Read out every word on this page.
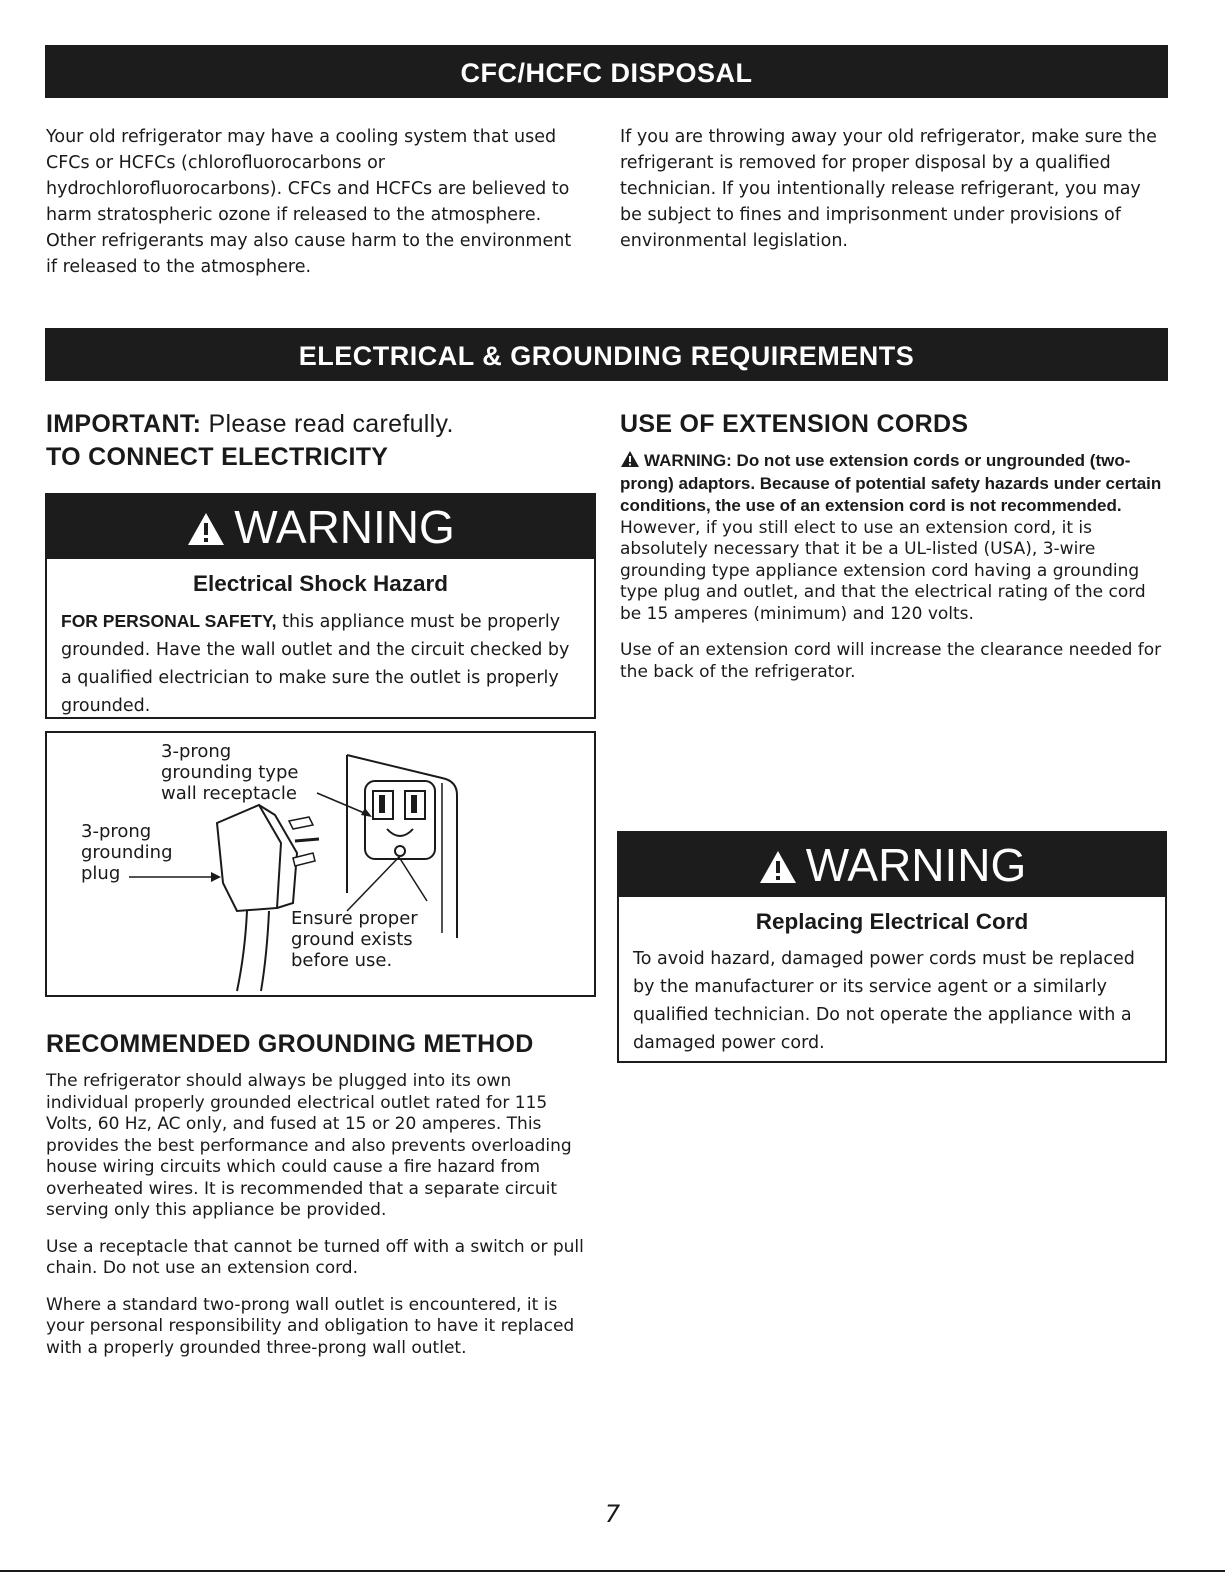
CFC/HCFC DISPOSAL

Your old refrigerator may have a cooling system that used CFCs or HCFCs (chlorofluorocarbons or hydrochlorofluorocarbons). CFCs and HCFCs are believed to harm stratospheric ozone if released to the atmosphere. Other refrigerants may also cause harm to the environment if released to the atmosphere.

If you are throwing away your old refrigerator, make sure the refrigerant is removed for proper disposal by a qualified technician. If you intentionally release refrigerant, you may be subject to fines and imprisonment under provisions of environmental legislation.

ELECTRICAL & GROUNDING REQUIREMENTS
IMPORTANT: Please read carefully.
TO CONNECT ELECTRICITY
WARNING
Electrical Shock Hazard
FOR PERSONAL SAFETY, this appliance must be properly grounded. Have the wall outlet and the circuit checked by a qualified electrician to make sure the outlet is properly grounded.
3-prong
grounding type
wall receptacle
3-prong
grounding
plug
Ensure proper
ground exists
before use.
RECOMMENDED GROUNDING METHOD

The refrigerator should always be plugged into its own individual properly grounded electrical outlet rated for 115 Volts, 60 Hz, AC only, and fused at 15 or 20 amperes. This provides the best performance and also prevents overloading house wiring circuits which could cause a fire hazard from overheated wires. It is recommended that a separate circuit serving only this appliance be provided.

Use a receptacle that cannot be turned off with a switch or pull chain. Do not use an extension cord.

Where a standard two-prong wall outlet is encountered, it is your personal responsibility and obligation to have it replaced with a properly grounded three-prong wall outlet.

USE OF EXTENSION CORDS

WARNING: Do not use extension cords or ungrounded (two-prong) adaptors. Because of potential safety hazards under certain conditions, the use of an extension cord is not recommended. However, if you still elect to use an extension cord, it is absolutely necessary that it be a UL-listed (USA), 3-wire grounding type appliance extension cord having a grounding type plug and outlet, and that the electrical rating of the cord be 15 amperes (minimum) and 120 volts.

Use of an extension cord will increase the clearance needed for the back of the refrigerator.

WARNING
Replacing Electrical Cord
To avoid hazard, damaged power cords must be replaced by the manufacturer or its service agent or a similarly qualified technician. Do not operate the appliance with a damaged power cord.
7
